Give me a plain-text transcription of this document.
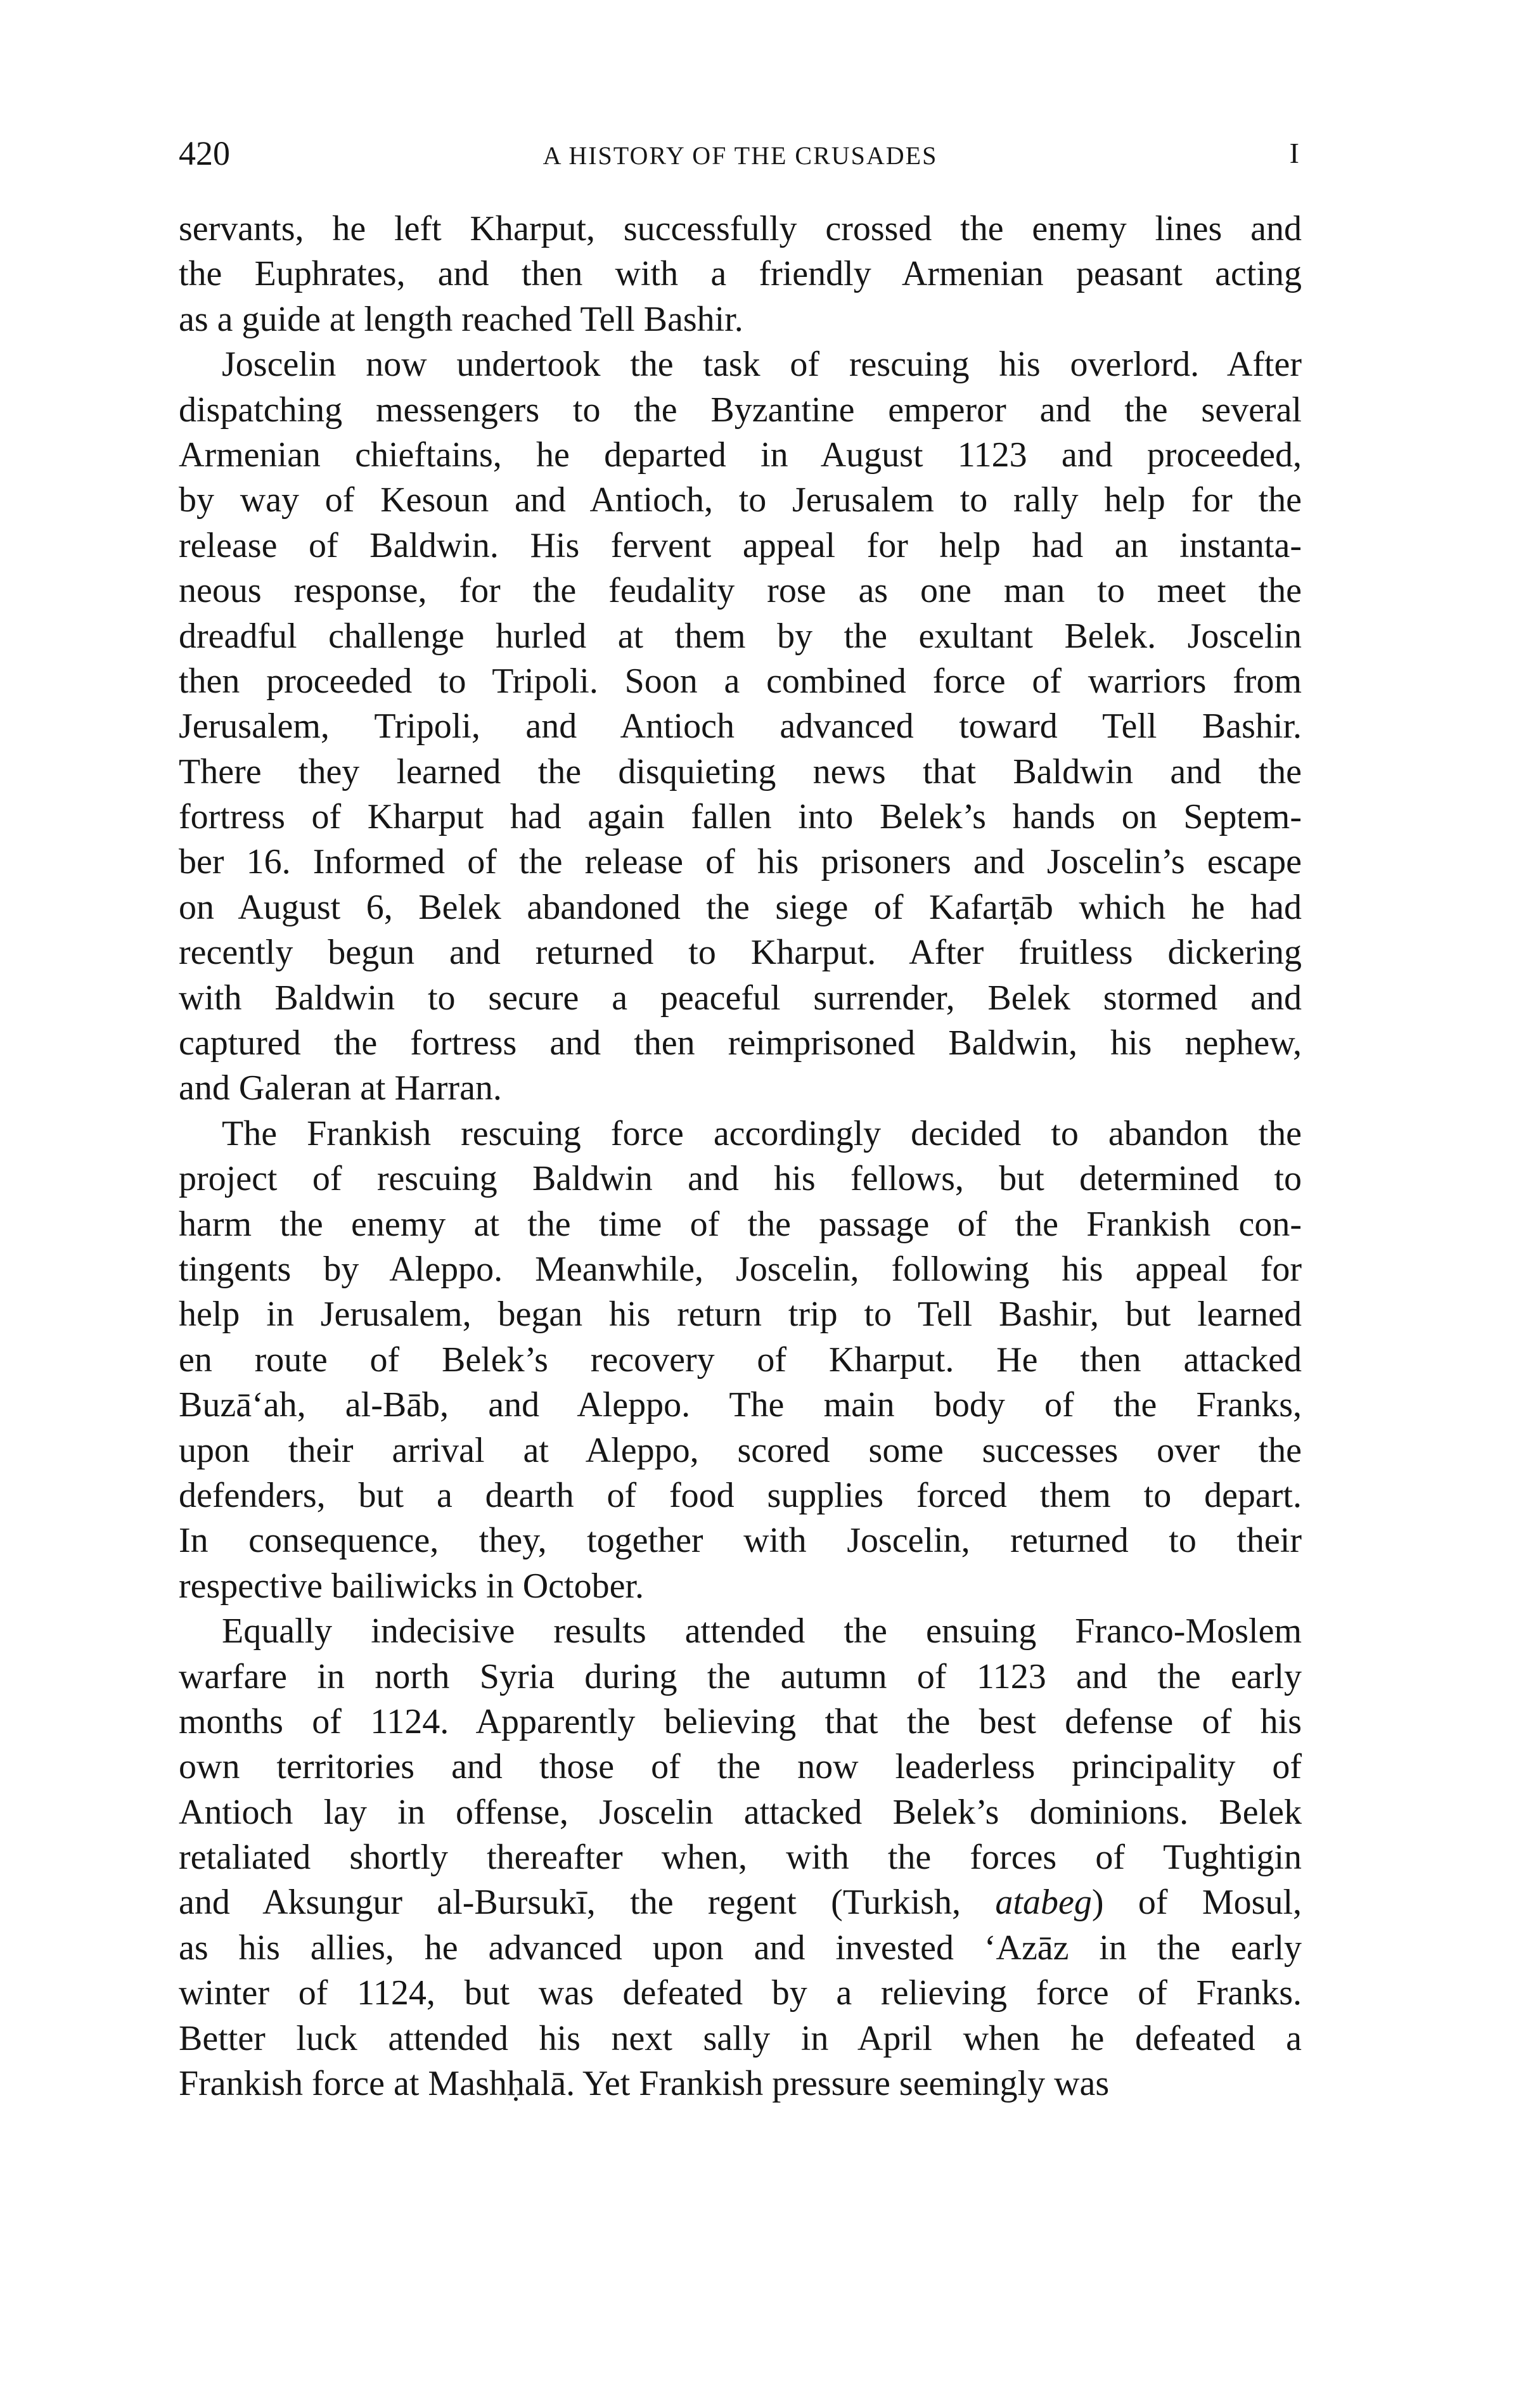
420	A HISTORY OF THE CRUSADES	I
servants, he left Kharput, successfully crossed the enemy lines and
the Euphrates, and then with a friendly Armenian peasant acting
as a guide at length reached Tell Bashir.
Joscelin now undertook the task of rescuing his overlord. After
dispatching messengers to the Byzantine emperor and the several
Armenian chieftains, he departed in August 1123 and proceeded,
by way of Kesoun and Antioch, to Jerusalem to rally help for the
release of Baldwin. His fervent appeal for help had an instanta-
neous response, for the feudality rose as one man to meet the
dreadful challenge hurled at them by the exultant Belek. Joscelin
then proceeded to Tripoli. Soon a combined force of warriors from
Jerusalem, Tripoli, and Antioch advanced toward Tell Bashir.
There they learned the disquieting news that Baldwin and the
fortress of Kharput had again fallen into Belek’s hands on Septem-
ber 16. Informed of the release of his prisoners and Joscelin’s escape
on August 6, Belek abandoned the siege of Kafarṭāb which he had
recently begun and returned to Kharput. After fruitless dickering
with Baldwin to secure a peaceful surrender, Belek stormed and
captured the fortress and then reimprisoned Baldwin, his nephew,
and Galeran at Harran.
The Frankish rescuing force accordingly decided to abandon the
project of rescuing Baldwin and his fellows, but determined to
harm the enemy at the time of the passage of the Frankish con-
tingents by Aleppo. Meanwhile, Joscelin, following his appeal for
help in Jerusalem, began his return trip to Tell Bashir, but learned
en route of Belek’s recovery of Kharput. He then attacked
Buzā‘ah, al-Bāb, and Aleppo. The main body of the Franks,
upon their arrival at Aleppo, scored some successes over the
defenders, but a dearth of food supplies forced them to depart.
In consequence, they, together with Joscelin, returned to their
respective bailiwicks in October.
Equally indecisive results attended the ensuing Franco-Moslem
warfare in north Syria during the autumn of 1123 and the early
months of 1124. Apparently believing that the best defense of his
own territories and those of the now leaderless principality of
Antioch lay in offense, Joscelin attacked Belek’s dominions. Belek
retaliated shortly thereafter when, with the forces of Tughtigin
and Aksungur al-Bursukī, the regent (Turkish, atabeg) of Mosul,
as his allies, he advanced upon and invested ‘Azāz in the early
winter of 1124, but was defeated by a relieving force of Franks.
Better luck attended his next sally in April when he defeated a
Frankish force at Mashḥalā. Yet Frankish pressure seemingly was
